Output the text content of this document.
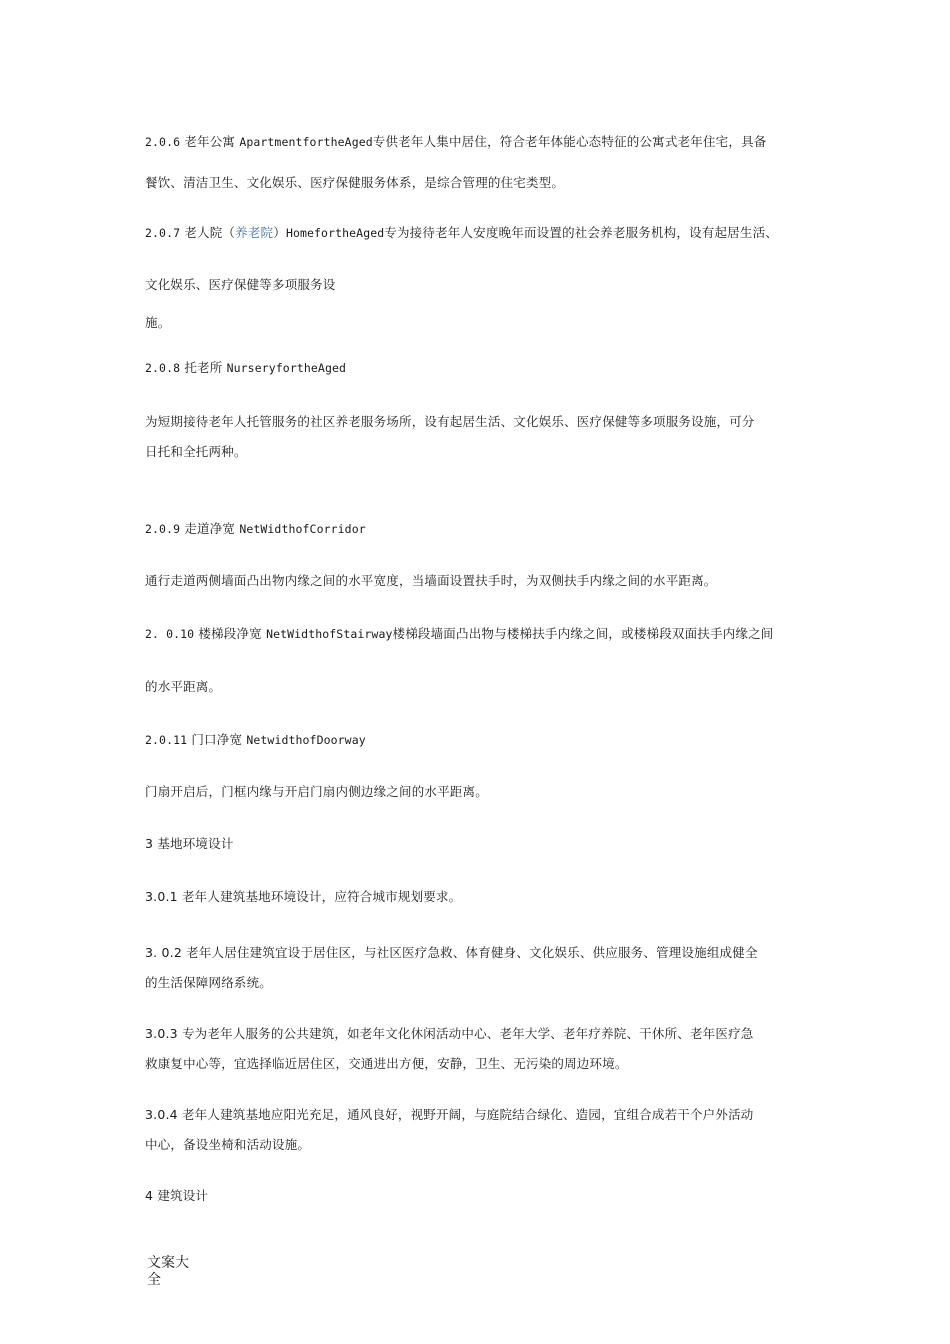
2.0.6 老年公寓 ApartmentfortheAged专供老年人集中居住，符合老年体能心态特征的公寓式老年住宅，具备
餐饮、清洁卫生、文化娱乐、医疗保健服务体系，是综合管理的住宅类型。
2.0.7 老人院（养老院）HomefortheAged专为接待老年人安度晚年而设置的社会养老服务机构，设有起居生活、
文化娱乐、医疗保健等多项服务设
施。
2.0.8 托老所 NurseryfortheAged
为短期接待老年人托管服务的社区养老服务场所，设有起居生活、文化娱乐、医疗保健等多项服务设施，可分
日托和全托两种。
2.0.9 走道净宽 NetWidthofCorridor
通行走道两侧墙面凸出物内缘之间的水平宽度，当墙面设置扶手时，为双侧扶手内缘之间的水平距离。
2. 0.10 楼梯段净宽 NetWidthofStairway楼梯段墙面凸出物与楼梯扶手内缘之间，或楼梯段双面扶手内缘之间
的水平距离。
2.0.11 门口净宽 NetwidthofDoorway
门扇开启后，门框内缘与开启门扇内侧边缘之间的水平距离。
3 基地环境设计
3.0.1 老年人建筑基地环境设计，应符合城市规划要求。
3. 0.2 老年人居住建筑宜设于居住区，与社区医疗急救、体育健身、文化娱乐、供应服务、管理设施组成健全
的生活保障网络系统。
3.0.3 专为老年人服务的公共建筑，如老年文化休闲活动中心、老年大学、老年疗养院、干休所、老年医疗急
救康复中心等，宜选择临近居住区，交通进出方便，安静，卫生、无污染的周边环境。
3.0.4 老年人建筑基地应阳光充足，通风良好，视野开阔，与庭院结合绿化、造园，宜组合成若干个户外活动
中心，备设坐椅和活动设施。
4 建筑设计
文案大全
